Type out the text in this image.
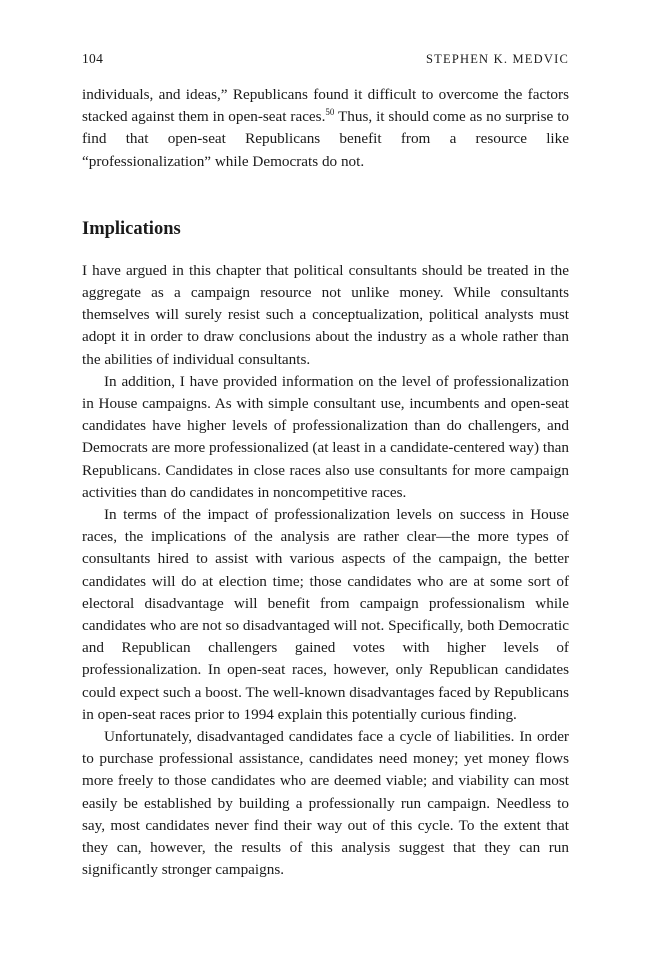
104	STEPHEN K. MEDVIC

individuals, and ideas,” Republicans found it difficult to overcome the factors stacked against them in open-seat races.$^{50}$ Thus, it should come as no surprise to find that open-seat Republicans benefit from a resource like “professionalization” while Democrats do not.

Implications

I have argued in this chapter that political consultants should be treated in the aggregate as a campaign resource not unlike money. While consultants themselves will surely resist such a conceptualization, political analysts must adopt it in order to draw conclusions about the industry as a whole rather than the abilities of individual consultants.

In addition, I have provided information on the level of professionalization in House campaigns. As with simple consultant use, incumbents and open-seat candidates have higher levels of professionalization than do challengers, and Democrats are more professionalized (at least in a candidate-centered way) than Republicans. Candidates in close races also use consultants for more campaign activities than do candidates in noncompetitive races.

In terms of the impact of professionalization levels on success in House races, the implications of the analysis are rather clear—the more types of consultants hired to assist with various aspects of the campaign, the better candidates will do at election time; those candidates who are at some sort of electoral disadvantage will benefit from campaign professionalism while candidates who are not so disadvantaged will not. Specifically, both Democratic and Republican challengers gained votes with higher levels of professionalization. In open-seat races, however, only Republican candidates could expect such a boost. The well-known disadvantages faced by Republicans in open-seat races prior to 1994 explain this potentially curious finding.

Unfortunately, disadvantaged candidates face a cycle of liabilities. In order to purchase professional assistance, candidates need money; yet money flows more freely to those candidates who are deemed viable; and viability can most easily be established by building a professionally run campaign. Needless to say, most candidates never find their way out of this cycle. To the extent that they can, however, the results of this analysis suggest that they can run significantly stronger campaigns.
